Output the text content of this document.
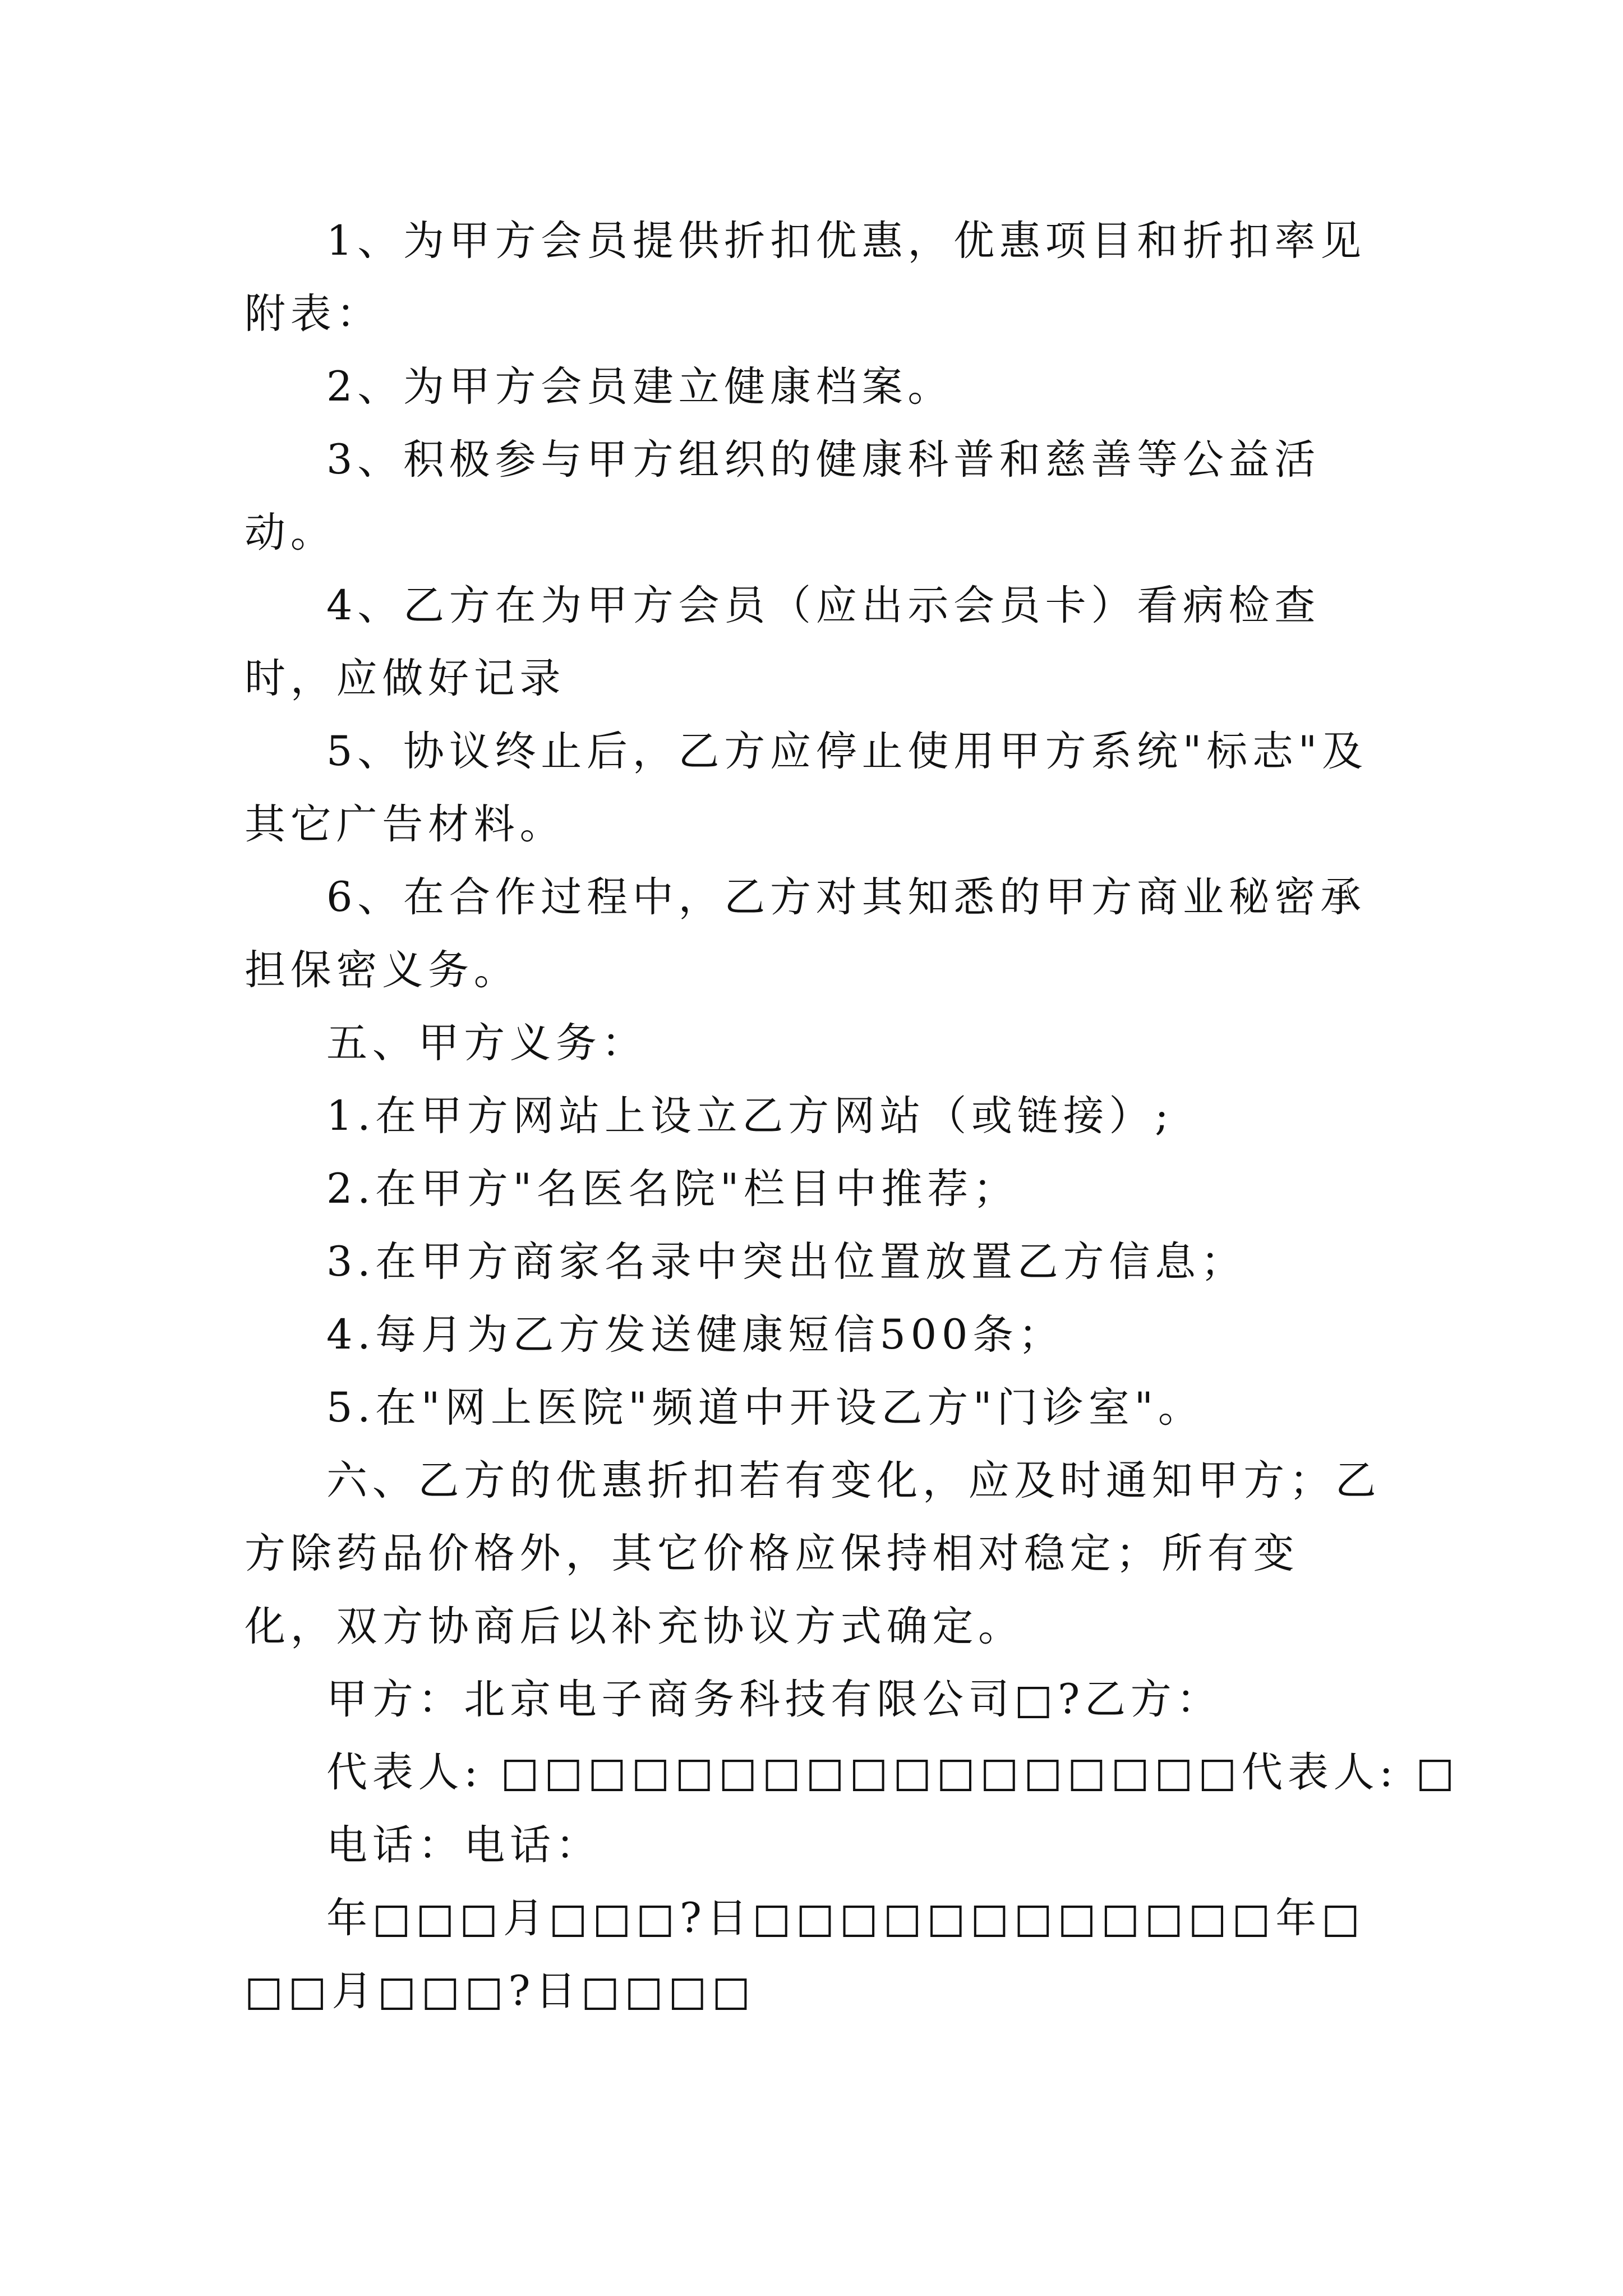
1、为甲方会员提供折扣优惠，优惠项目和折扣率见附表：

2、为甲方会员建立健康档案。

3、积极参与甲方组织的健康科普和慈善等公益活动。

4、乙方在为甲方会员（应出示会员卡）看病检查时，应做好记录

5、协议终止后，乙方应停止使用甲方系统"标志"及其它广告材料。

6、在合作过程中，乙方对其知悉的甲方商业秘密承担保密义务。

五、甲方义务：

1.在甲方网站上设立乙方网站（或链接）;

2.在甲方"名医名院"栏目中推荐；

3.在甲方商家名录中突出位置放置乙方信息；

4.每月为乙方发送健康短信500条；

5.在"网上医院"频道中开设乙方"门诊室"。

六、乙方的优惠折扣若有变化，应及时通知甲方；乙方除药品价格外，其它价格应保持相对稳定；所有变化，双方协商后以补充协议方式确定。

甲方：北京电子商务科技有限公司□?乙方：

代表人: □□□□□□□□□□□□□□□□□代表人: □

电话：电话：

年□□□月□□□?日□□□□□□□□□□□□年□□□月□□□?日□□□□
